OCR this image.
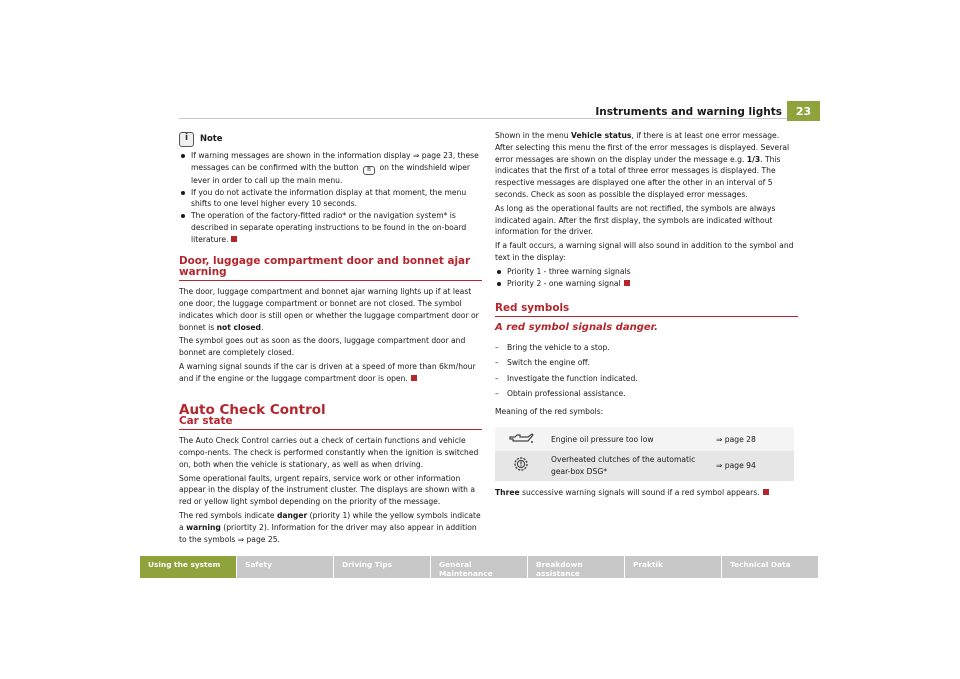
Instruments and warning lights	23
i	Note
If warning messages are shown in the information display ⇒ page 23, these messages can be confirmed with the button B on the windshield wiper lever in order to call up the main menu.
If you do not activate the information display at that moment, the menu shifts to one level higher every 10 seconds.
The operation of the factory-fitted radio* or the navigation system* is described in separate operating instructions to be found in the on-board literature.
Door, luggage compartment door and bonnet ajar warning

The door, luggage compartment and bonnet ajar warning lights up if at least one door, the luggage compartment or bonnet are not closed. The symbol indicates which door is still open or whether the luggage compartment door or bonnet is not closed.

The symbol goes out as soon as the doors, luggage compartment door and bonnet are completely closed.

A warning signal sounds if the car is driven at a speed of more than 6km/hour and if the engine or the luggage compartment door is open.

Auto Check Control
Car state

The Auto Check Control carries out a check of certain functions and vehicle compo-nents. The check is performed constantly when the ignition is switched on, both when the vehicle is stationary, as well as when driving.

Some operational faults, urgent repairs, service work or other information appear in the display of the instrument cluster. The displays are shown with a red or yellow light symbol depending on the priority of the message.

The red symbols indicate danger (priority 1) while the yellow symbols indicate a warning (priortity 2). Information for the driver may also appear in addition to the symbols ⇒ page 25.

Shown in the menu Vehicle status, if there is at least one error message. After selecting this menu the first of the error messages is displayed. Several error messages are shown on the display under the message e.g. 1/3. This indicates that the first of a total of three error messages is displayed. The respective messages are displayed one after the other in an interval of 5 seconds. Check as soon as possible the displayed error messages.

As long as the operational faults are not rectified, the symbols are always indicated again. After the first display, the symbols are indicated without information for the driver.

If a fault occurs, a warning signal will also sound in addition to the symbol and text in the display:

Priority 1 - three warning signals
Priority 2 - one warning signal
Red symbols
A red symbol signals danger.
– Bring the vehicle to a stop.
– Switch the engine off.
– Investigate the function indicated.
– Obtain professional assistance.

Meaning of the red symbols:

	Engine oil pressure too low	⇒ page 28
	Overheated clutches of the automatic gear-box DSG*	⇒ page 94

Three successive warning signals will sound if a red symbol appears.

Using the system	Safety	Driving Tips	General Maintenance
Breakdown assistance
Praktik	Technical Data
